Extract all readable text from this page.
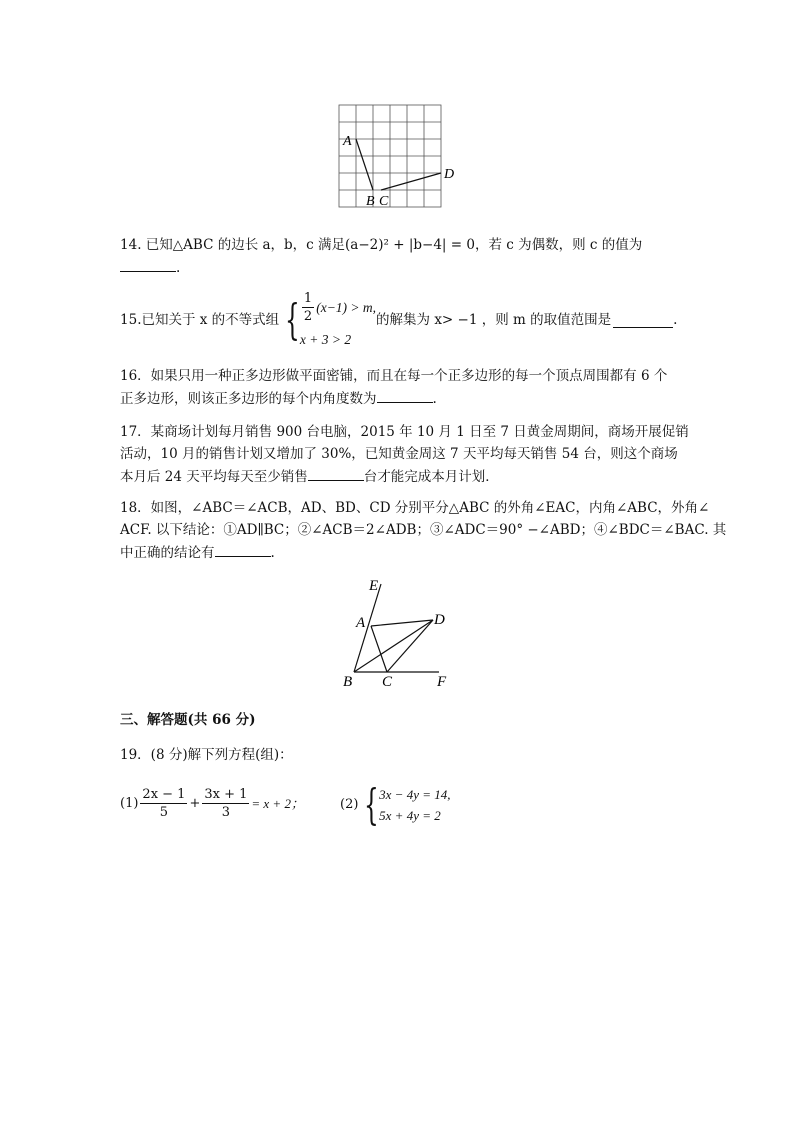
A
B C
D
14. 已知△ABC 的边长 a，b，c 满足(a−2)² + |b−4| = 0，若 c 为偶数，则 c 的值为
.
15 .已知关于 x 的不等式组 { $\frac{1}{2} (x-1) > m$,
x + 3 > 2
的解集为 x> −1 ，则 m 的取值范围是	.
16．如果只用一种正多边形做平面密铺，而且在每一个正多边形的每一个顶点周围都有 6 个
正多边形，则该正多边形的每个内角度数为	.
17．某商场计划每月销售 900 台电脑，2015 年 10 月 1 日至 7 日黄金周期间，商场开展促销
活动，10 月的销售计划又增加了 30%，已知黄金周这 7 天平均每天销售 54 台，则这个商场
本月后 24 天平均每天至少销售	台才能完成本月计划．
18．如图，∠ABC＝∠ACB，AD、BD、CD 分别平分△ABC 的外角∠EAC，内角∠ABC，外角∠
ACF. 以下结论：①AD∥BC；②∠ACB＝2∠ADB；③∠ADC＝90° −∠ABD；④∠BDC＝∠BAC. 其
中正确的结论有	.
E
A	D
B C	F
三、解答题(共 66 分)
19．(8 分)解下列方程(组)：
$(1) \frac{2x - 1}{5} + \frac{3x + 1}{3} = x + 2$；	(2) { 3x − 4y = 14,
5x + 4y = 2
